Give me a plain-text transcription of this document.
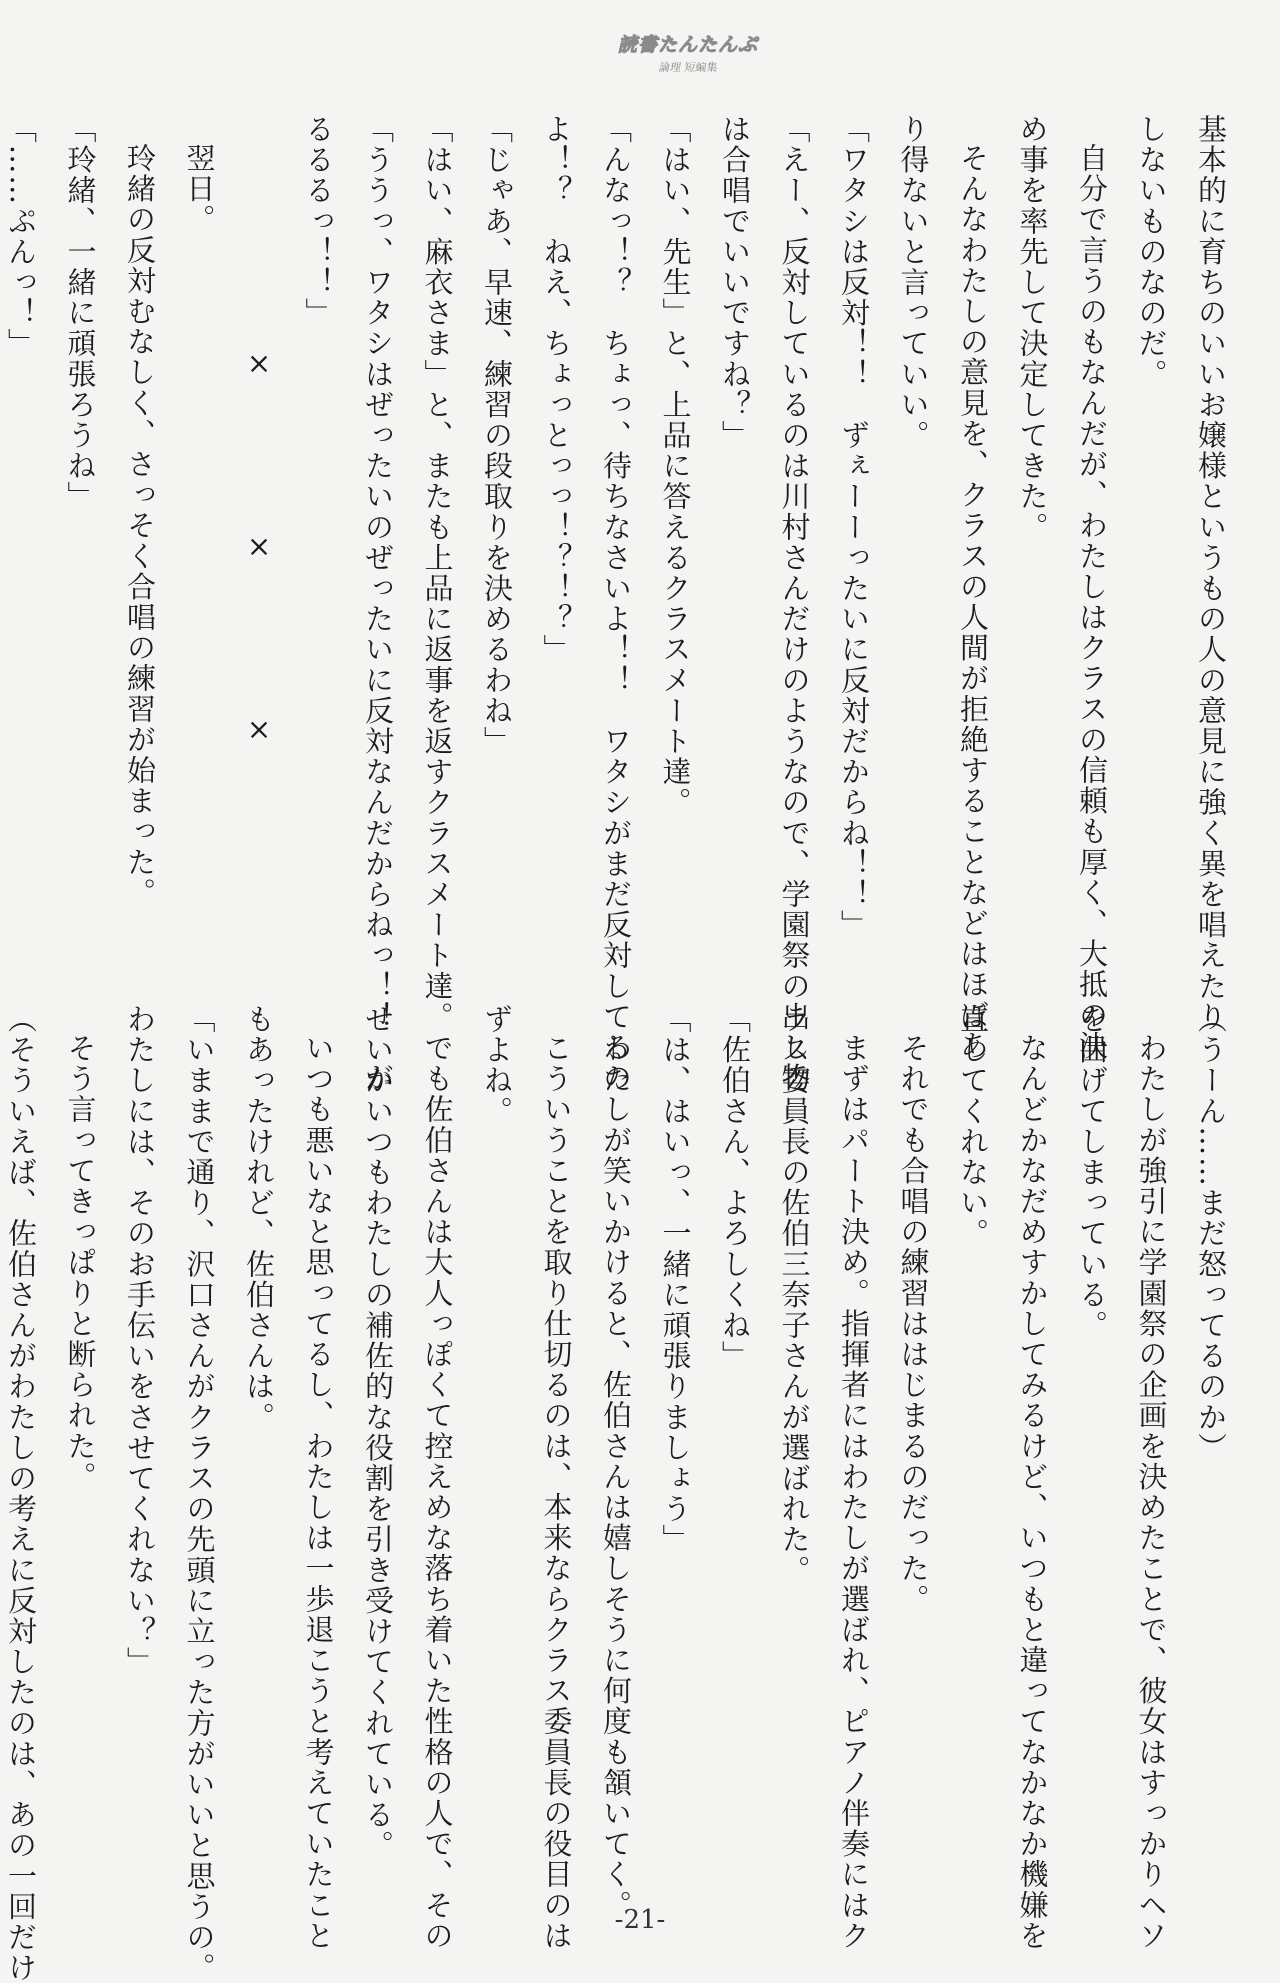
読書たんたんぷ
論理 短編集
基本的に育ちのいいお嬢様というもの人の意見に強く異を唱えたり
しないものなのだ。
自分で言うのもなんだが、わたしはクラスの信頼も厚く、大抵の決
め事を率先して決定してきた。
そんなわたしの意見を、クラスの人間が拒絶することなどはほぼあ
り得ないと言っていい。
「ワタシは反対！！　ずぇーーったいに反対だからね！！」
「えー、反対しているのは川村さんだけのようなので、学園祭の出し物
は合唱でいいですね？」
「はい、先生」と、上品に答えるクラスメート達。
「んなっ！？　ちょっ、待ちなさいよ！！　ワタシがまだ反対してるの
よ！？　ねえ、ちょっとっっ！？！？」
「じゃあ、早速、練習の段取りを決めるわね」
「はい、麻衣さま」と、またも上品に返事を返すクラスメート達。
「ううっ、ワタシはぜったいのぜったいに反対なんだからねっ！！　が
るるるっ！！」
×　×　×
翌日。
玲緒の反対むなしく、さっそく合唱の練習が始まった。
「玲緒、一緒に頑張ろうね」
「……ぷんっ！」
（うーん……まだ怒ってるのか）
わたしが強引に学園祭の企画を決めたことで、彼女はすっかりヘソ
を曲げてしまっている。
なんどかなだめすかしてみるけど、いつもと違ってなかなか機嫌を
直してくれない。
それでも合唱の練習ははじまるのだった。
まずはパート決め。指揮者にはわたしが選ばれ、ピアノ伴奏にはク
ラス委員長の佐伯三奈子さんが選ばれた。
「佐伯さん、よろしくね」
「は、はいっ、一緒に頑張りましょう」
わたしが笑いかけると、佐伯さんは嬉しそうに何度も頷いてく。
こういうことを取り仕切るのは、本来ならクラス委員長の役目のは
ずよね。
でも佐伯さんは大人っぽくて控えめな落ち着いた性格の人で、その
せいかいつもわたしの補佐的な役割を引き受けてくれている。
いつも悪いなと思ってるし、わたしは一歩退こうと考えていたこと
もあったけれど、佐伯さんは。
「いままで通り、沢口さんがクラスの先頭に立った方がいいと思うの。
わたしには、そのお手伝いをさせてくれない？」
そう言ってきっぱりと断られた。
（そういえば、佐伯さんがわたしの考えに反対したのは、あの一回だけ	-21-
